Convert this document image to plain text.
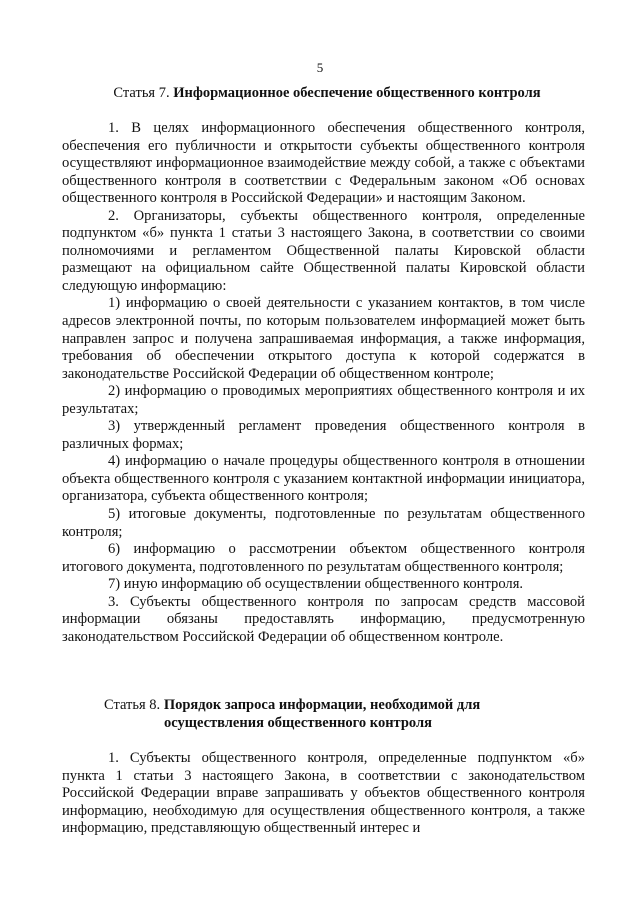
5
Статья 7. Информационное обеспечение общественного контроля

1. В целях информационного обеспечения общественного контроля, обеспечения его публичности и открытости субъекты общественного контроля осуществляют информационное взаимодействие между собой, а также с объектами общественного контроля в соответствии с Федеральным законом «Об основах общественного контроля в Российской Федерации» и настоящим Законом.

2. Организаторы, субъекты общественного контроля, определенные подпунктом «б» пункта 1 статьи 3 настоящего Закона, в соответствии со своими полномочиями и регламентом Общественной палаты Кировской области размещают на официальном сайте Общественной палаты Кировской области следующую информацию:

1) информацию о своей деятельности с указанием контактов, в том числе адресов электронной почты, по которым пользователем информацией может быть направлен запрос и получена запрашиваемая информация, а также информация, требования об обеспечении открытого доступа к которой содержатся в законодательстве Российской Федерации об общественном контроле;

2) информацию о проводимых мероприятиях общественного контроля и их результатах;

3) утвержденный регламент проведения общественного контроля в различных формах;

4) информацию о начале процедуры общественного контроля в отношении объекта общественного контроля с указанием контактной информации инициатора, организатора, субъекта общественного контроля;

5) итоговые документы, подготовленные по результатам общественного контроля;

6) информацию о рассмотрении объектом общественного контроля итогового документа, подготовленного по результатам общественного контроля;

7) иную информацию об осуществлении общественного контроля.

3. Субъекты общественного контроля по запросам средств массовой информации обязаны предоставлять информацию, предусмотренную законодательством Российской Федерации об общественном контроле.

Статья 8. Порядок запроса информации, необходимой для
осуществления общественного контроля

1. Субъекты общественного контроля, определенные подпунктом «б» пункта 1 статьи 3 настоящего Закона, в соответствии с законодательством Российской Федерации вправе запрашивать у объектов общественного контроля информацию, необходимую для осуществления общественного контроля, а также информацию, представляющую общественный интерес и
